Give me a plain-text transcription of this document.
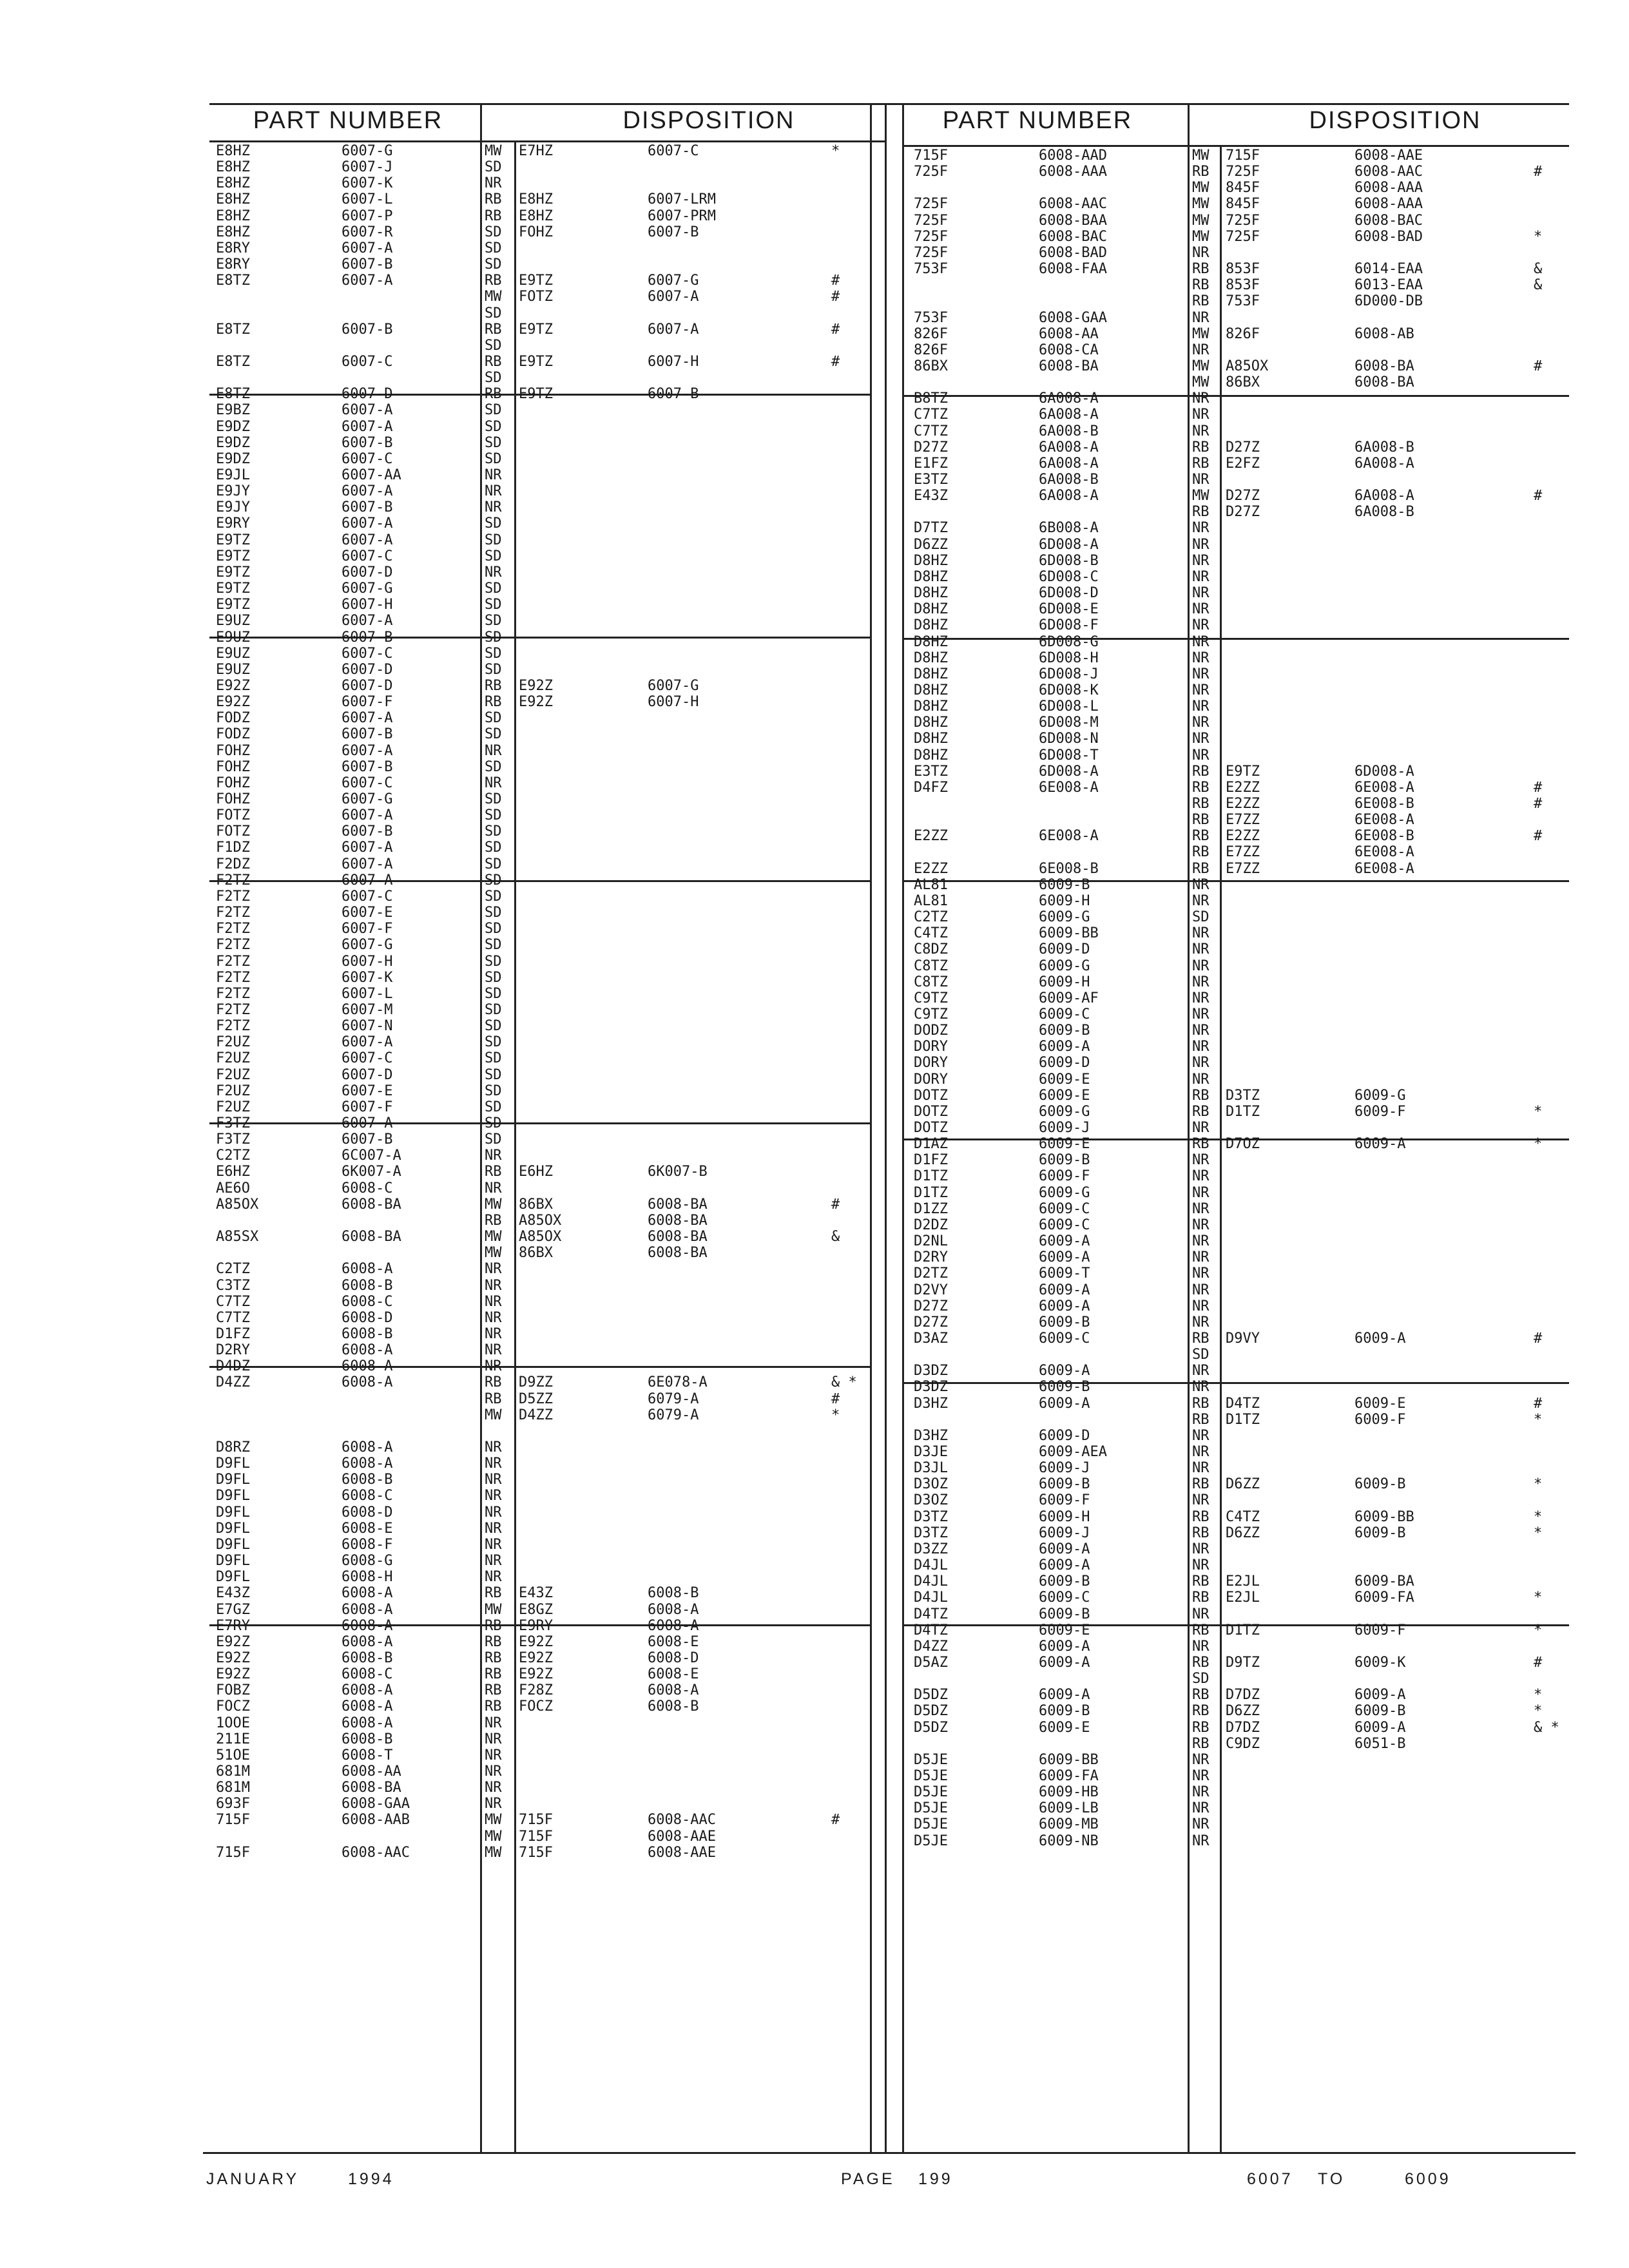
PART NUMBER	DISPOSITION	PART NUMBER	DISPOSITION
E8HZ	6007-G	MW E7HZ	6007-C	*
E8HZ	6007-J	SD
E8HZ	6007-K	NR
E8HZ	6007-L	RB E8HZ	6007-LRM
E8HZ	6007-P	RB E8HZ	6007-PRM
E8HZ	6007-R	SD FOHZ	6007-B
E8RY	6007-A	SD
E8RY	6007-B	SD
E8TZ	6007-A	RB E9TZ	6007-G	#
MW FOTZ	6007-A	#
SD
E8TZ	6007-B	RB E9TZ	6007-A	#
SD
E8TZ	6007-C	RB E9TZ	6007-H	#
SD
E8TZ	6007-D	RB E9TZ	6007-B
E9BZ	6007-A	SD
E9DZ	6007-A	SD
E9DZ	6007-B	SD
E9DZ	6007-C	SD
E9JL	6007-AA	NR
E9JY	6007-A	NR
E9JY	6007-B	NR
E9RY	6007-A	SD
E9TZ	6007-A	SD
E9TZ	6007-C	SD
E9TZ	6007-D	NR
E9TZ	6007-G	SD
E9TZ	6007-H	SD
E9UZ	6007-A	SD
E9UZ	6007-B	SD
E9UZ	6007-C	SD
E9UZ	6007-D	SD
E92Z	6007-D	RB E92Z	6007-G
E92Z	6007-F	RB E92Z	6007-H
FODZ	6007-A	SD
FODZ	6007-B	SD
FOHZ	6007-A	NR
FOHZ	6007-B	SD
FOHZ	6007-C	NR
FOHZ	6007-G	SD
FOTZ	6007-A	SD
FOTZ	6007-B	SD
F1DZ	6007-A	SD
F2DZ	6007-A	SD
F2TZ	6007-A	SD
F2TZ	6007-C	SD
F2TZ	6007-E	SD
F2TZ	6007-F	SD
F2TZ	6007-G	SD
F2TZ	6007-H	SD
F2TZ	6007-K	SD
F2TZ	6007-L	SD
F2TZ	6007-M	SD
F2TZ	6007-N	SD
F2UZ	6007-A	SD
F2UZ	6007-C	SD
F2UZ	6007-D	SD
F2UZ	6007-E	SD
F2UZ	6007-F	SD
F3TZ	6007-A	SD
F3TZ	6007-B	SD
C2TZ	6C007-A	NR
E6HZ	6K007-A	RB E6HZ	6K007-B
AE6O	6008-C	NR
A85OX	6008-BA	MW 86BX	6008-BA	#
RB A85OX	6008-BA
A85SX	6008-BA	MW A85OX	6008-BA	&
MW 86BX	6008-BA
C2TZ	6008-A	NR
C3TZ	6008-B	NR
C7TZ	6008-C	NR
C7TZ	6008-D	NR
D1FZ	6008-B	NR
D2RY	6008-A	NR
D4DZ	6008-A	NR
D4ZZ	6008-A	RB D9ZZ	6E078-A	& *
RB D5ZZ	6079-A	#
MW D4ZZ	6079-A	*
D8RZ	6008-A	NR
D9FL	6008-A	NR
D9FL	6008-B	NR
D9FL	6008-C	NR
D9FL	6008-D	NR
D9FL	6008-E	NR
D9FL	6008-F	NR
D9FL	6008-G	NR
D9FL	6008-H	NR
E43Z	6008-A	RB E43Z	6008-B
E7GZ	6008-A	MW E8GZ	6008-A
E7RY	6008-A	RB E9RY	6008-A
E92Z	6008-A	RB E92Z	6008-E
E92Z	6008-B	RB E92Z	6008-D
E92Z	6008-C	RB E92Z	6008-E
FOBZ	6008-A	RB F28Z	6008-A
FOCZ	6008-A	RB FOCZ	6008-B
1OOE	6008-A	NR
211E	6008-B	NR
51OE	6008-T	NR
681M	6008-AA	NR
681M	6008-BA	NR
693F	6008-GAA	NR
715F	6008-AAB	MW 715F	6008-AAC	#
MW 715F	6008-AAE
715F	6008-AAC	MW 715F	6008-AAE
715F	6008-AAD	MW 715F	6008-AAE
725F	6008-AAA	RB 725F	6008-AAC	#
MW 845F	6008-AAA
725F	6008-AAC	MW 845F	6008-AAA
725F	6008-BAA	MW 725F	6008-BAC
725F	6008-BAC	MW 725F	6008-BAD	*
725F	6008-BAD	NR
753F	6008-FAA	RB 853F	6014-EAA	&
RB 853F	6013-EAA	&
RB 753F	6D000-DB
753F	6008-GAA	NR
826F	6008-AA	MW 826F	6008-AB
826F	6008-CA	NR
86BX	6008-BA	MW A85OX	6008-BA	#
MW 86BX	6008-BA
B8TZ	6A008-A	NR
C7TZ	6A008-A	NR
C7TZ	6A008-B	NR
D27Z	6A008-A	RB D27Z	6A008-B
E1FZ	6A008-A	RB E2FZ	6A008-A
E3TZ	6A008-B	NR
E43Z	6A008-A	MW D27Z	6A008-A	#
RB D27Z	6A008-B
D7TZ	6B008-A	NR
D6ZZ	6D008-A	NR
D8HZ	6D008-B	NR
D8HZ	6D008-C	NR
D8HZ	6D008-D	NR
D8HZ	6D008-E	NR
D8HZ	6D008-F	NR
D8HZ	6D008-G	NR
D8HZ	6D008-H	NR
D8HZ	6D008-J	NR
D8HZ	6D008-K	NR
D8HZ	6D008-L	NR
D8HZ	6D008-M	NR
D8HZ	6D008-N	NR
D8HZ	6D008-T	NR
E3TZ	6D008-A	RB E9TZ	6D008-A
D4FZ	6E008-A	RB E2ZZ	6E008-A	#
RB E2ZZ	6E008-B	#
RB E7ZZ	6E008-A
E2ZZ	6E008-A	RB E2ZZ	6E008-B	#
RB E7ZZ	6E008-A
E2ZZ	6E008-B	RB E7ZZ	6E008-A
AL81	6009-B	NR
AL81	6009-H	NR
C2TZ	6009-G	SD
C4TZ	6009-BB	NR
C8DZ	6009-D	NR
C8TZ	6009-G	NR
C8TZ	6009-H	NR
C9TZ	6009-AF	NR
C9TZ	6009-C	NR
DODZ	6009-B	NR
DORY	6009-A	NR
DORY	6009-D	NR
DORY	6009-E	NR
DOTZ	6009-E	RB D3TZ	6009-G
DOTZ	6009-G	RB D1TZ	6009-F	*
DOTZ	6009-J	NR
D1AZ	6009-E	RB D7OZ	6009-A	*
D1FZ	6009-B	NR
D1TZ	6009-F	NR
D1TZ	6009-G	NR
D1ZZ	6009-C	NR
D2DZ	6009-C	NR
D2NL	6009-A	NR
D2RY	6009-A	NR
D2TZ	6009-T	NR
D2VY	6009-A	NR
D27Z	6009-A	NR
D27Z	6009-B	NR
D3AZ	6009-C	RB D9VY	6009-A	#
SD
D3DZ	6009-A	NR
D3DZ	6009-B	NR
D3HZ	6009-A	RB D4TZ	6009-E	#
RB D1TZ	6009-F	*
D3HZ	6009-D	NR
D3JE	6009-AEA	NR
D3JL	6009-J	NR
D3OZ	6009-B	RB D6ZZ	6009-B	*
D3OZ	6009-F	NR
D3TZ	6009-H	RB C4TZ	6009-BB	*
D3TZ	6009-J	RB D6ZZ	6009-B	*
D3ZZ	6009-A	NR
D4JL	6009-A	NR
D4JL	6009-B	RB E2JL	6009-BA
D4JL	6009-C	RB E2JL	6009-FA	*
D4TZ	6009-B	NR
D4TZ	6009-E	RB D1TZ	6009-F	*
D4ZZ	6009-A	NR
D5AZ	6009-A	RB D9TZ	6009-K	#
SD
D5DZ	6009-A	RB D7DZ	6009-A	*
D5DZ	6009-B	RB D6ZZ	6009-B	*
D5DZ	6009-E	RB D7DZ	6009-A	& *
RB C9DZ	6051-B
D5JE	6009-BB	NR
D5JE	6009-FA	NR
D5JE	6009-HB	NR
D5JE	6009-LB	NR
D5JE	6009-MB	NR
D5JE	6009-NB	NR
JANUARY	1994	PAGE 199	6007 TO	6009
